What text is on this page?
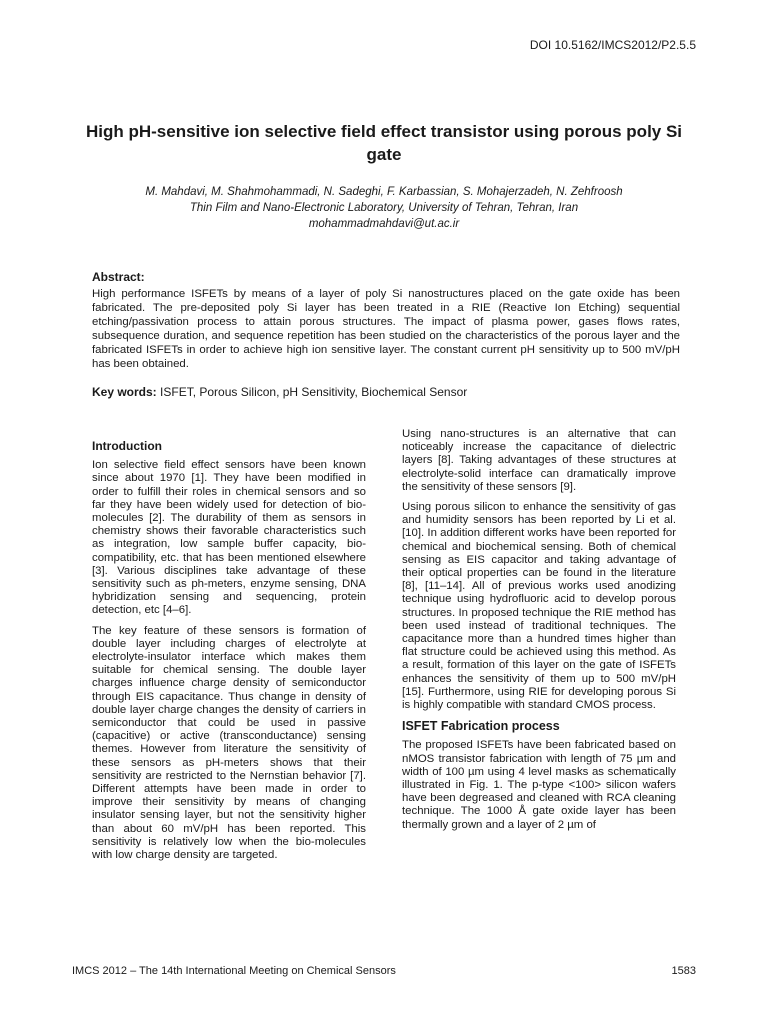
DOI 10.5162/IMCS2012/P2.5.5
High pH-sensitive ion selective field effect transistor using porous poly Si gate
M. Mahdavi, M. Shahmohammadi, N. Sadeghi, F. Karbassian, S. Mohajerzadeh, N. Zehfroosh
Thin Film and Nano-Electronic Laboratory, University of Tehran, Tehran, Iran
mohammadmahdavi@ut.ac.ir
Abstract:

High performance ISFETs by means of a layer of poly Si nanostructures placed on the gate oxide has been fabricated. The pre-deposited poly Si layer has been treated in a RIE (Reactive Ion Etching) sequential etching/passivation process to attain porous structures. The impact of plasma power, gases flows rates, subsequence duration, and sequence repetition has been studied on the characteristics of the porous layer and the fabricated ISFETs in order to achieve high ion sensitive layer. The constant current pH sensitivity up to 500 mV/pH has been obtained.

Key words: ISFET, Porous Silicon, pH Sensitivity, Biochemical Sensor
Introduction

Ion selective field effect sensors have been known since about 1970 [1]. They have been modified in order to fulfill their roles in chemical sensors and so far they have been widely used for detection of bio-molecules [2]. The durability of them as sensors in chemistry shows their favorable characteristics such as integration, low sample buffer capacity, bio-compatibility, etc. that has been mentioned elsewhere [3]. Various disciplines take advantage of these sensitivity such as ph-meters, enzyme sensing, DNA hybridization sensing and sequencing, protein detection, etc [4–6].

The key feature of these sensors is formation of double layer including charges of electrolyte at electrolyte-insulator interface which makes them suitable for chemical sensing. The double layer charges influence charge density of semiconductor through EIS capacitance. Thus change in density of double layer charge changes the density of carriers in semiconductor that could be used in passive (capacitive) or active (transconductance) sensing themes. However from literature the sensitivity of these sensors as pH-meters shows that their sensitivity are restricted to the Nernstian behavior [7]. Different attempts have been made in order to improve their sensitivity by means of changing insulator sensing layer, but not the sensitivity higher than about 60 mV/pH has been reported. This sensitivity is relatively low when the bio-molecules with low charge density are targeted.

Using nano-structures is an alternative that can noticeably increase the capacitance of dielectric layers [8]. Taking advantages of these structures at electrolyte-solid interface can dramatically improve the sensitivity of these sensors [9].

Using porous silicon to enhance the sensitivity of gas and humidity sensors has been reported by Li et al. [10]. In addition different works have been reported for chemical and biochemical sensing. Both of chemical sensing as EIS capacitor and taking advantage of their optical properties can be found in the literature [8], [11–14]. All of previous works used anodizing technique using hydrofluoric acid to develop porous structures. In proposed technique the RIE method has been used instead of traditional techniques. The capacitance more than a hundred times higher than flat structure could be achieved using this method. As a result, formation of this layer on the gate of ISFETs enhances the sensitivity of them up to 500 mV/pH [15]. Furthermore, using RIE for developing porous Si is highly compatible with standard CMOS process.

ISFET Fabrication process

The proposed ISFETs have been fabricated based on nMOS transistor fabrication with length of 75 µm and width of 100 µm using 4 level masks as schematically illustrated in Fig. 1. The p-type <100> silicon wafers have been degreased and cleaned with RCA cleaning technique. The 1000 Å gate oxide layer has been thermally grown and a layer of 2 µm of

IMCS 2012 – The 14th International Meeting on Chemical Sensors	1583
